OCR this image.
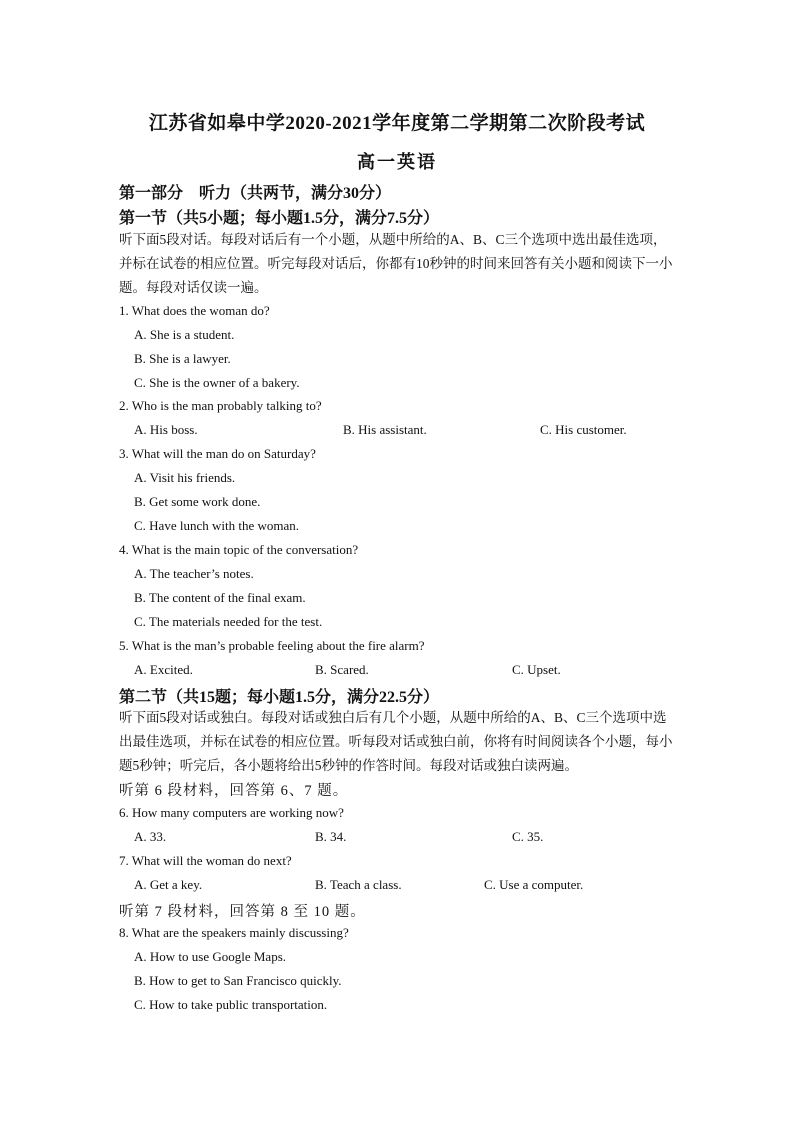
江苏省如皋中学2020-2021学年度第二学期第二次阶段考试
高一英语
第一部分　听力（共两节，满分30分）
第一节（共5小题；每小题1.5分，满分7.5分）
听下面5段对话。每段对话后有一个小题，从题中所给的A、B、C三个选项中选出最佳选项，并标在试卷的相应位置。听完每段对话后，你都有10秒钟的时间来回答有关小题和阅读下一小题。每段对话仅读一遍。
1. What does the woman do?
A. She is a student.
B. She is a lawyer.
C. She is the owner of a bakery.
2. Who is the man probably talking to?
A. His boss.	B. His assistant.	C. His customer.
3. What will the man do on Saturday?
A. Visit his friends.
B. Get some work done.
C. Have lunch with the woman.
4. What is the main topic of the conversation?
A. The teacher’s notes.
B. The content of the final exam.
C. The materials needed for the test.
5. What is the man’s probable feeling about the fire alarm?
A. Excited.	B. Scared.	C. Upset.
第二节（共15题；每小题1.5分，满分22.5分）
听下面5段对话或独白。每段对话或独白后有几个小题，从题中所给的A、B、C三个选项中选出最佳选项，并标在试卷的相应位置。听每段对话或独白前，你将有时间阅读各个小题，每小题5秒钟；听完后，各小题将给出5秒钟的作答时间。每段对话或独白读两遍。
听第 6 段材料，回答第 6、7 题。
6. How many computers are working now?
A. 33.	B. 34.	C. 35.
7. What will the woman do next?
A. Get a key.	B. Teach a class.	C. Use a computer.
听第 7 段材料，回答第 8 至 10 题。
8. What are the speakers mainly discussing?
A. How to use Google Maps.
B. How to get to San Francisco quickly.
C. How to take public transportation.
